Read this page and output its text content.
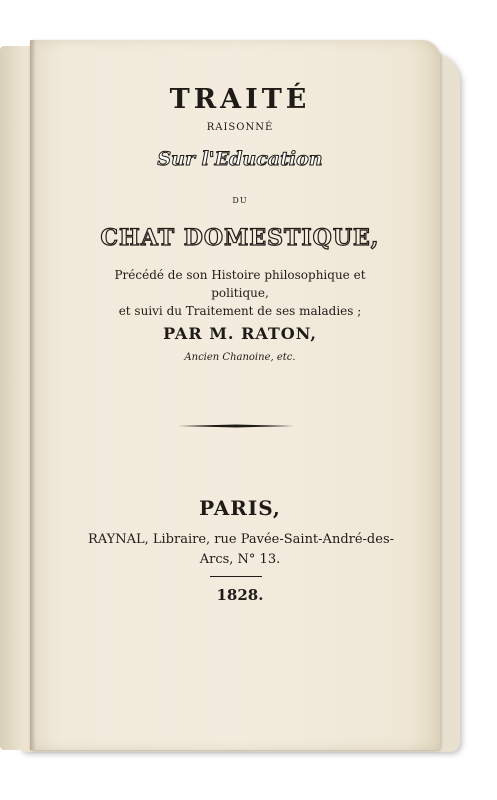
TRAITÉ
RAISONNÉ
Sur l'Education
DU
CHAT DOMESTIQUE,
Précédé de son Histoire philosophique et politique,
et suivi du Traitement de ses maladies ;
PAR M. RATON,
Ancien Chanoine, etc.
PARIS,
RAYNAL, Libraire, rue Pavée-Saint-André-des-
Arcs, N° 13.
1828.
